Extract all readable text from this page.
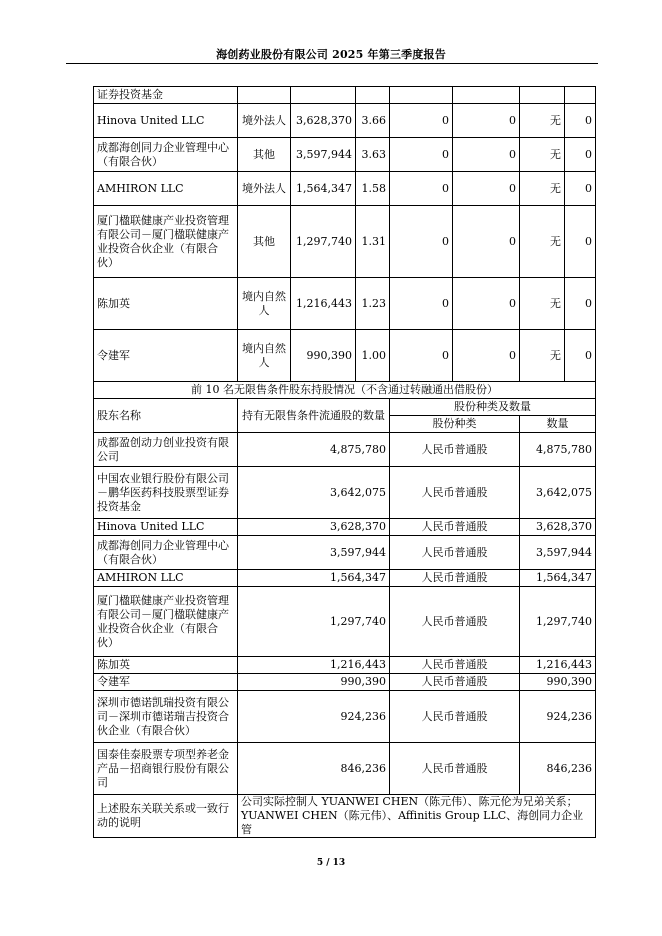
海创药业股份有限公司 2025 年第三季度报告
证券投资基金							
Hinova United LLC	境外法人	3,628,370	3.66	0	0	无	0
成都海创同力企业管理中心（有限合伙）	其他	3,597,944	3.63	0	0	无	0
AMHIRON LLC	境外法人	1,564,347	1.58	0	0	无	0
厦门楹联健康产业投资管理有限公司－厦门楹联健康产业投资合伙企业（有限合伙）	其他	1,297,740	1.31	0	0	无	0
陈加英	境内自然人	1,216,443	1.23	0	0	无	0
令建军	境内自然人	990,390	1.00	0	0	无	0
前 10 名无限售条件股东持股情况（不含通过转融通出借股份）							
股东名称	持有无限售条件流通股的数量			股份种类及数量			
				股份种类		数量	
成都盈创动力创业投资有限公司	4,875,780			人民币普通股		4,875,780	
中国农业银行股份有限公司－鹏华医药科技股票型证券投资基金	3,642,075			人民币普通股		3,642,075	
Hinova United LLC	3,628,370			人民币普通股		3,628,370	
成都海创同力企业管理中心（有限合伙）	3,597,944			人民币普通股		3,597,944	
AMHIRON LLC	1,564,347			人民币普通股		1,564,347	
厦门楹联健康产业投资管理有限公司－厦门楹联健康产业投资合伙企业（有限合伙）	1,297,740			人民币普通股		1,297,740	
陈加英	1,216,443			人民币普通股		1,216,443	
令建军	990,390			人民币普通股		990,390	
深圳市德诺凯瑞投资有限公司－深圳市德诺瑞吉投资合伙企业（有限合伙）	924,236			人民币普通股		924,236	
国泰佳泰股票专项型养老金产品－招商银行股份有限公司	846,236			人民币普通股		846,236	
上述股东关联关系或一致行动的说明	公司实际控制人 YUANWEI CHEN（陈元伟）、陈元伦为兄弟关系；YUANWEI CHEN（陈元伟）、Affinitis Group LLC、海创同力企业管						
5 / 13
